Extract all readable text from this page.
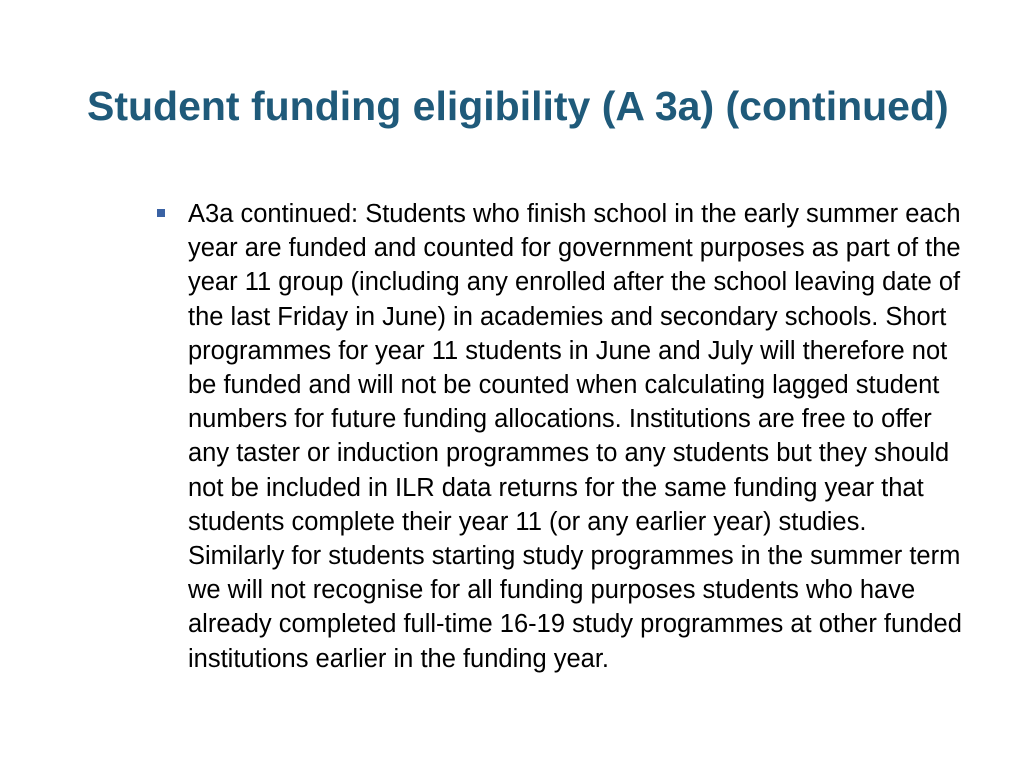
Student funding eligibility (A 3a) (continued)
A3a continued: Students who finish school in the early summer each year are funded and counted for government purposes as part of the year 11 group (including any enrolled after the school leaving date of the last Friday in June) in academies and secondary schools. Short programmes for year 11 students in June and July will therefore not be funded and will not be counted when calculating lagged student numbers for future funding allocations. Institutions are free to offer any taster or induction programmes to any students but they should not be included in ILR data returns for the same funding year that students complete their year 11 (or any earlier year) studies. Similarly for students starting study programmes in the summer term we will not recognise for all funding purposes students who have already completed full-time 16-19 study programmes at other funded institutions earlier in the funding year.
